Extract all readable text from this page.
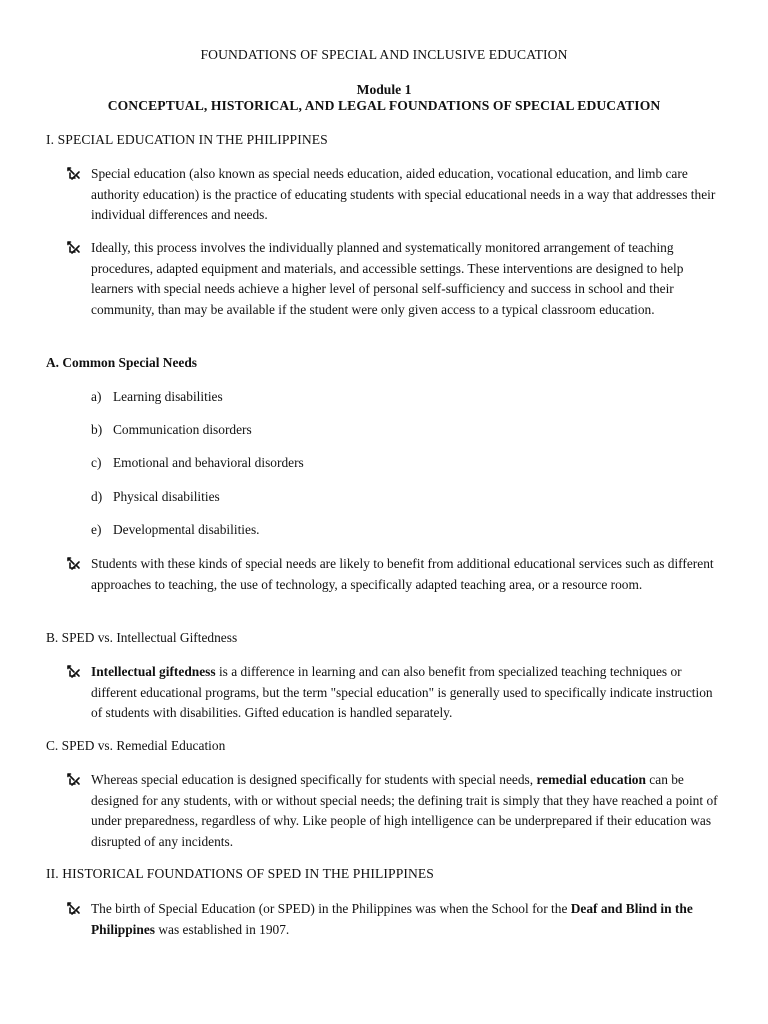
FOUNDATIONS OF SPECIAL AND INCLUSIVE EDUCATION
Module 1
CONCEPTUAL, HISTORICAL, AND LEGAL FOUNDATIONS OF SPECIAL EDUCATION
I. SPECIAL EDUCATION IN THE PHILIPPINES
Special education (also known as special needs education, aided education, vocational education, and limb care authority education) is the practice of educating students with special educational needs in a way that addresses their individual differences and needs.
Ideally, this process involves the individually planned and systematically monitored arrangement of teaching procedures, adapted equipment and materials, and accessible settings. These interventions are designed to help learners with special needs achieve a higher level of personal self-sufficiency and success in school and their community, than may be available if the student were only given access to a typical classroom education.
A. Common Special Needs
a) Learning disabilities
b) Communication disorders
c) Emotional and behavioral disorders
d) Physical disabilities
e) Developmental disabilities.
Students with these kinds of special needs are likely to benefit from additional educational services such as different approaches to teaching, the use of technology, a specifically adapted teaching area, or a resource room.
B. SPED vs. Intellectual Giftedness
Intellectual giftedness is a difference in learning and can also benefit from specialized teaching techniques or different educational programs, but the term "special education" is generally used to specifically indicate instruction of students with disabilities. Gifted education is handled separately.
C. SPED vs. Remedial Education
Whereas special education is designed specifically for students with special needs, remedial education can be designed for any students, with or without special needs; the defining trait is simply that they have reached a point of under preparedness, regardless of why. Like people of high intelligence can be underprepared if their education was disrupted of any incidents.
II. HISTORICAL FOUNDATIONS OF SPED IN THE PHILIPPINES
The birth of Special Education (or SPED) in the Philippines was when the School for the Deaf and Blind in the Philippines was established in 1907.
